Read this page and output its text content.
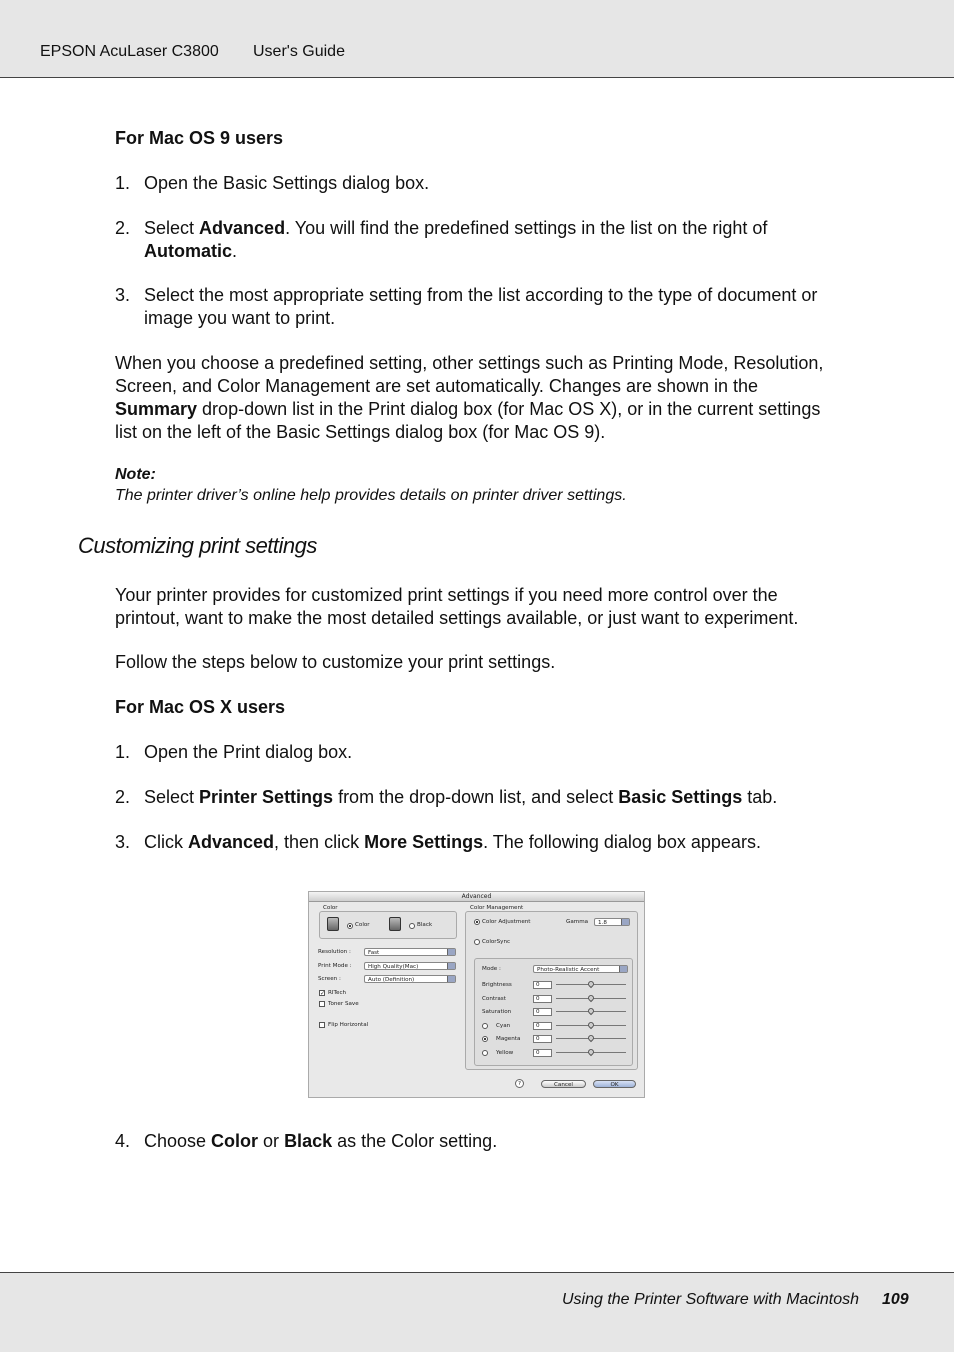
EPSON AcuLaser C3800 User's Guide
For Mac OS 9 users
1. Open the Basic Settings dialog box.
2. Select Advanced. You will find the predefined settings in the list on the right of
Automatic.
3. Select the most appropriate setting from the list according to the type of document or
image you want to print.
When you choose a predefined setting, other settings such as Printing Mode, Resolution,
Screen, and Color Management are set automatically. Changes are shown in the
Summary drop-down list in the Print dialog box (for Mac OS X), or in the current settings
list on the left of the Basic Settings dialog box (for Mac OS 9).
Note:
The printer driver’s online help provides details on printer driver settings.
Customizing print settings
Your printer provides for customized print settings if you need more control over the
printout, want to make the most detailed settings available, or just want to experiment.
Follow the steps below to customize your print settings.
For Mac OS X users
1. Open the Print dialog box.
2. Select Printer Settings from the drop-down list, and select Basic Settings tab.
3. Click Advanced, then click More Settings. The following dialog box appears.
Advanced
Color
Color	Black
Resolution :	Fast
Print Mode :	High Quality(Mac)
Screen :	Auto (Definition)
✓ RITech
Toner Save
Flip Horizontal
Color Management
Color Adjustment	Gamma	1.8
ColorSync
Mode :	Photo-Realistic Accent
?	Cancel	OK
Brightness	0
Contrast	0
Saturation	0
Cyan	0
Magenta	0
Yellow	0
4. Choose Color or Black as the Color setting.
Using the Printer Software with Macintosh 109
